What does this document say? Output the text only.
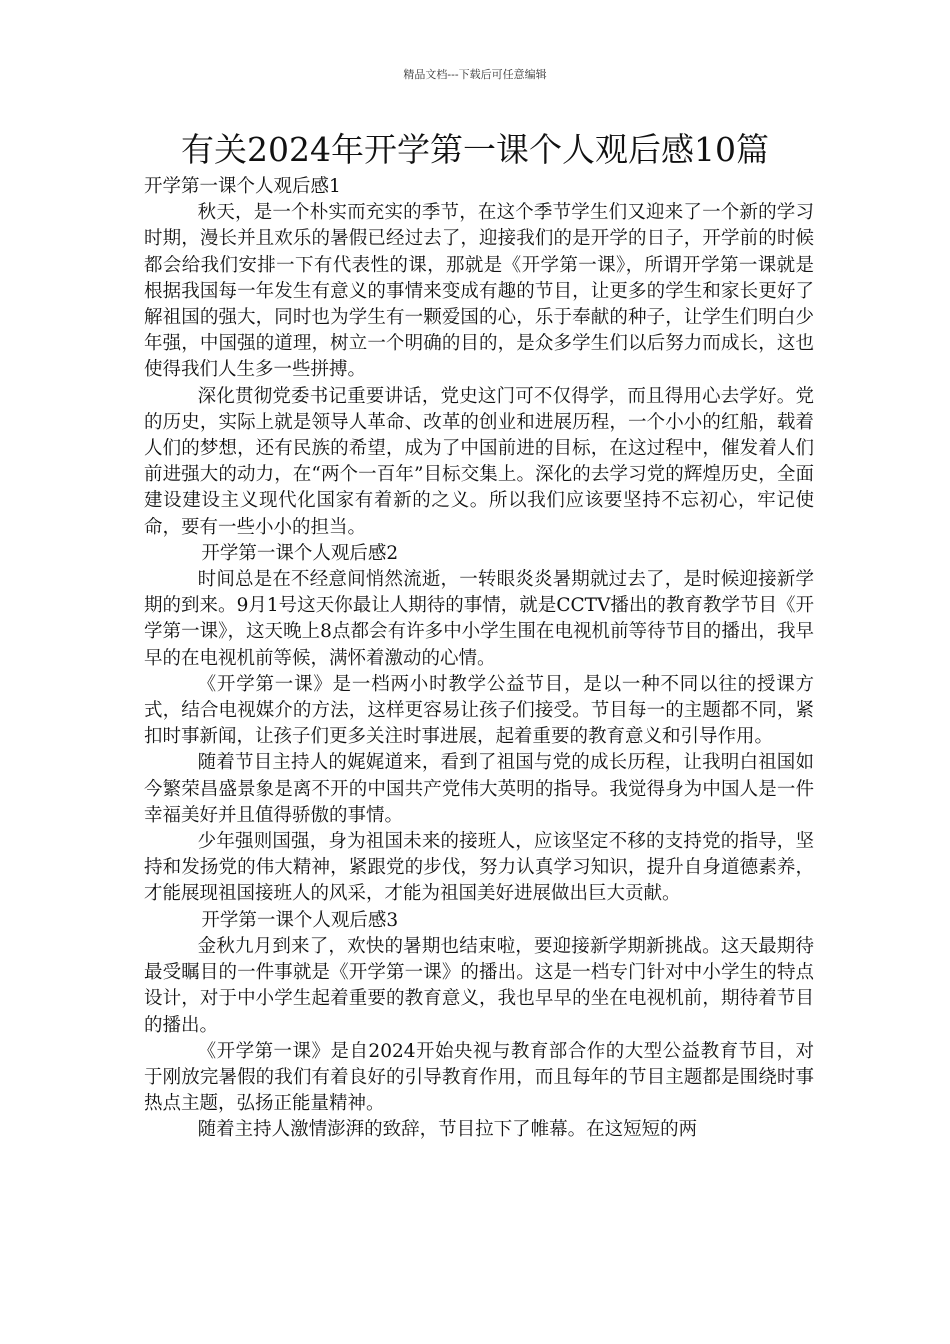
精品文档---下载后可任意编辑
有关2024年开学第一课个人观后感10篇

开学第一课个人观后感1

秋天，是一个朴实而充实的季节，在这个季节学生们又迎来了一个新的学习时期，漫长并且欢乐的暑假已经过去了，迎接我们的是开学的日子，开学前的时候都会给我们安排一下有代表性的课，那就是《开学第一课》，所谓开学第一课就是根据我国每一年发生有意义的事情来变成有趣的节目，让更多的学生和家长更好了解祖国的强大，同时也为学生有一颗爱国的心，乐于奉献的种子，让学生们明白少年强，中国强的道理，树立一个明确的目的，是众多学生们以后努力而成长，这也使得我们人生多一些拼搏。

深化贯彻党委书记重要讲话，党史这门可不仅得学，而且得用心去学好。党的历史，实际上就是领导人革命、改革的创业和进展历程，一个小小的红船，载着人们的梦想，还有民族的希望，成为了中国前进的目标，在这过程中，催发着人们前进强大的动力，在“两个一百年”目标交集上。深化的去学习党的辉煌历史，全面建设建设主义现代化国家有着新的之义。所以我们应该要坚持不忘初心，牢记使命，要有一些小小的担当。

开学第一课个人观后感2

时间总是在不经意间悄然流逝，一转眼炎炎暑期就过去了，是时候迎接新学期的到来。9月1号这天你最让人期待的事情，就是CCTV播出的教育教学节目《开学第一课》，这天晚上8点都会有许多中小学生围在电视机前等待节目的播出，我早早的在电视机前等候，满怀着激动的心情。

《开学第一课》是一档两小时教学公益节目，是以一种不同以往的授课方式，结合电视媒介的方法，这样更容易让孩子们接受。节目每一的主题都不同，紧扣时事新闻，让孩子们更多关注时事进展，起着重要的教育意义和引导作用。

随着节目主持人的娓娓道来，看到了祖国与党的成长历程，让我明白祖国如今繁荣昌盛景象是离不开的中国共产党伟大英明的指导。我觉得身为中国人是一件幸福美好并且值得骄傲的事情。

少年强则国强，身为祖国未来的接班人，应该坚定不移的支持党的指导，坚持和发扬党的伟大精神，紧跟党的步伐，努力认真学习知识，提升自身道德素养，才能展现祖国接班人的风采，才能为祖国美好进展做出巨大贡献。

开学第一课个人观后感3

金秋九月到来了，欢快的暑期也结束啦，要迎接新学期新挑战。这天最期待最受瞩目的一件事就是《开学第一课》的播出。这是一档专门针对中小学生的特点设计，对于中小学生起着重要的教育意义，我也早早的坐在电视机前，期待着节目的播出。

《开学第一课》是自2024开始央视与教育部合作的大型公益教育节目，对于刚放完暑假的我们有着良好的引导教育作用，而且每年的节目主题都是围绕时事热点主题，弘扬正能量精神。

随着主持人激情澎湃的致辞，节目拉下了帷幕。在这短短的两
